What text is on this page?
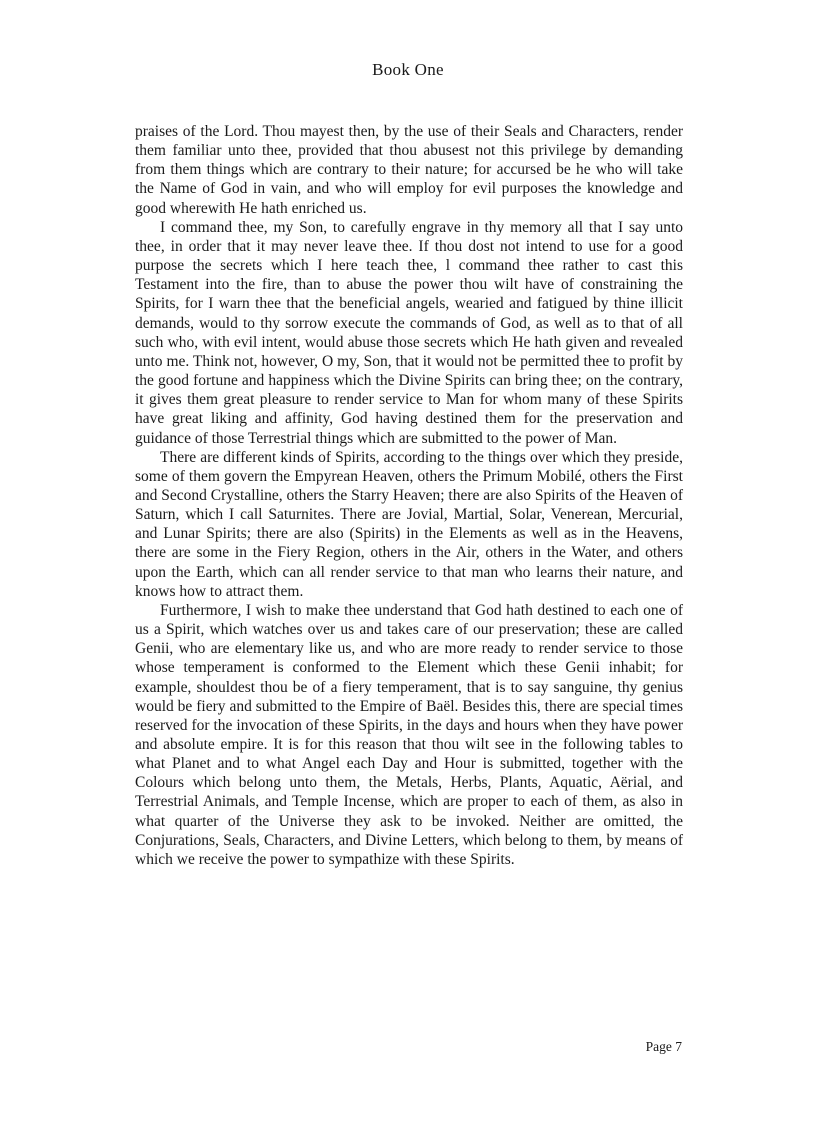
Book One

praises of the Lord. Thou mayest then, by the use of their Seals and Characters, render them familiar unto thee, provided that thou abusest not this privilege by demanding from them things which are contrary to their nature; for accursed be he who will take the Name of God in vain, and who will employ for evil purposes the knowledge and good wherewith He hath enriched us.

I command thee, my Son, to carefully engrave in thy memory all that I say unto thee, in order that it may never leave thee. If thou dost not intend to use for a good purpose the secrets which I here teach thee, l command thee rather to cast this Testament into the fire, than to abuse the power thou wilt have of constraining the Spirits, for I warn thee that the beneficial angels, wearied and fatigued by thine illicit demands, would to thy sorrow execute the commands of God, as well as to that of all such who, with evil intent, would abuse those secrets which He hath given and revealed unto me. Think not, however, O my, Son, that it would not be permitted thee to profit by the good fortune and happiness which the Divine Spirits can bring thee; on the contrary, it gives them great pleasure to render service to Man for whom many of these Spirits have great liking and affinity, God having destined them for the preservation and guidance of those Terrestrial things which are submitted to the power of Man.

There are different kinds of Spirits, according to the things over which they preside, some of them govern the Empyrean Heaven, others the Primum Mobilé, others the First and Second Crystalline, others the Starry Heaven; there are also Spirits of the Heaven of Saturn, which I call Saturnites. There are Jovial, Martial, Solar, Venerean, Mercurial, and Lunar Spirits; there are also (Spirits) in the Elements as well as in the Heavens, there are some in the Fiery Region, others in the Air, others in the Water, and others upon the Earth, which can all render service to that man who learns their nature, and knows how to attract them.

Furthermore, I wish to make thee understand that God hath destined to each one of us a Spirit, which watches over us and takes care of our preservation; these are called Genii, who are elementary like us, and who are more ready to render service to those whose temperament is conformed to the Element which these Genii inhabit; for example, shouldest thou be of a fiery temperament, that is to say sanguine, thy genius would be fiery and submitted to the Empire of Baël. Besides this, there are special times reserved for the invocation of these Spirits, in the days and hours when they have power and absolute empire. It is for this reason that thou wilt see in the following tables to what Planet and to what Angel each Day and Hour is submitted, together with the Colours which belong unto them, the Metals, Herbs, Plants, Aquatic, Aërial, and Terrestrial Animals, and Temple Incense, which are proper to each of them, as also in what quarter of the Universe they ask to be invoked. Neither are omitted, the Conjurations, Seals, Characters, and Divine Letters, which belong to them, by means of which we receive the power to sympathize with these Spirits.

Page 7
